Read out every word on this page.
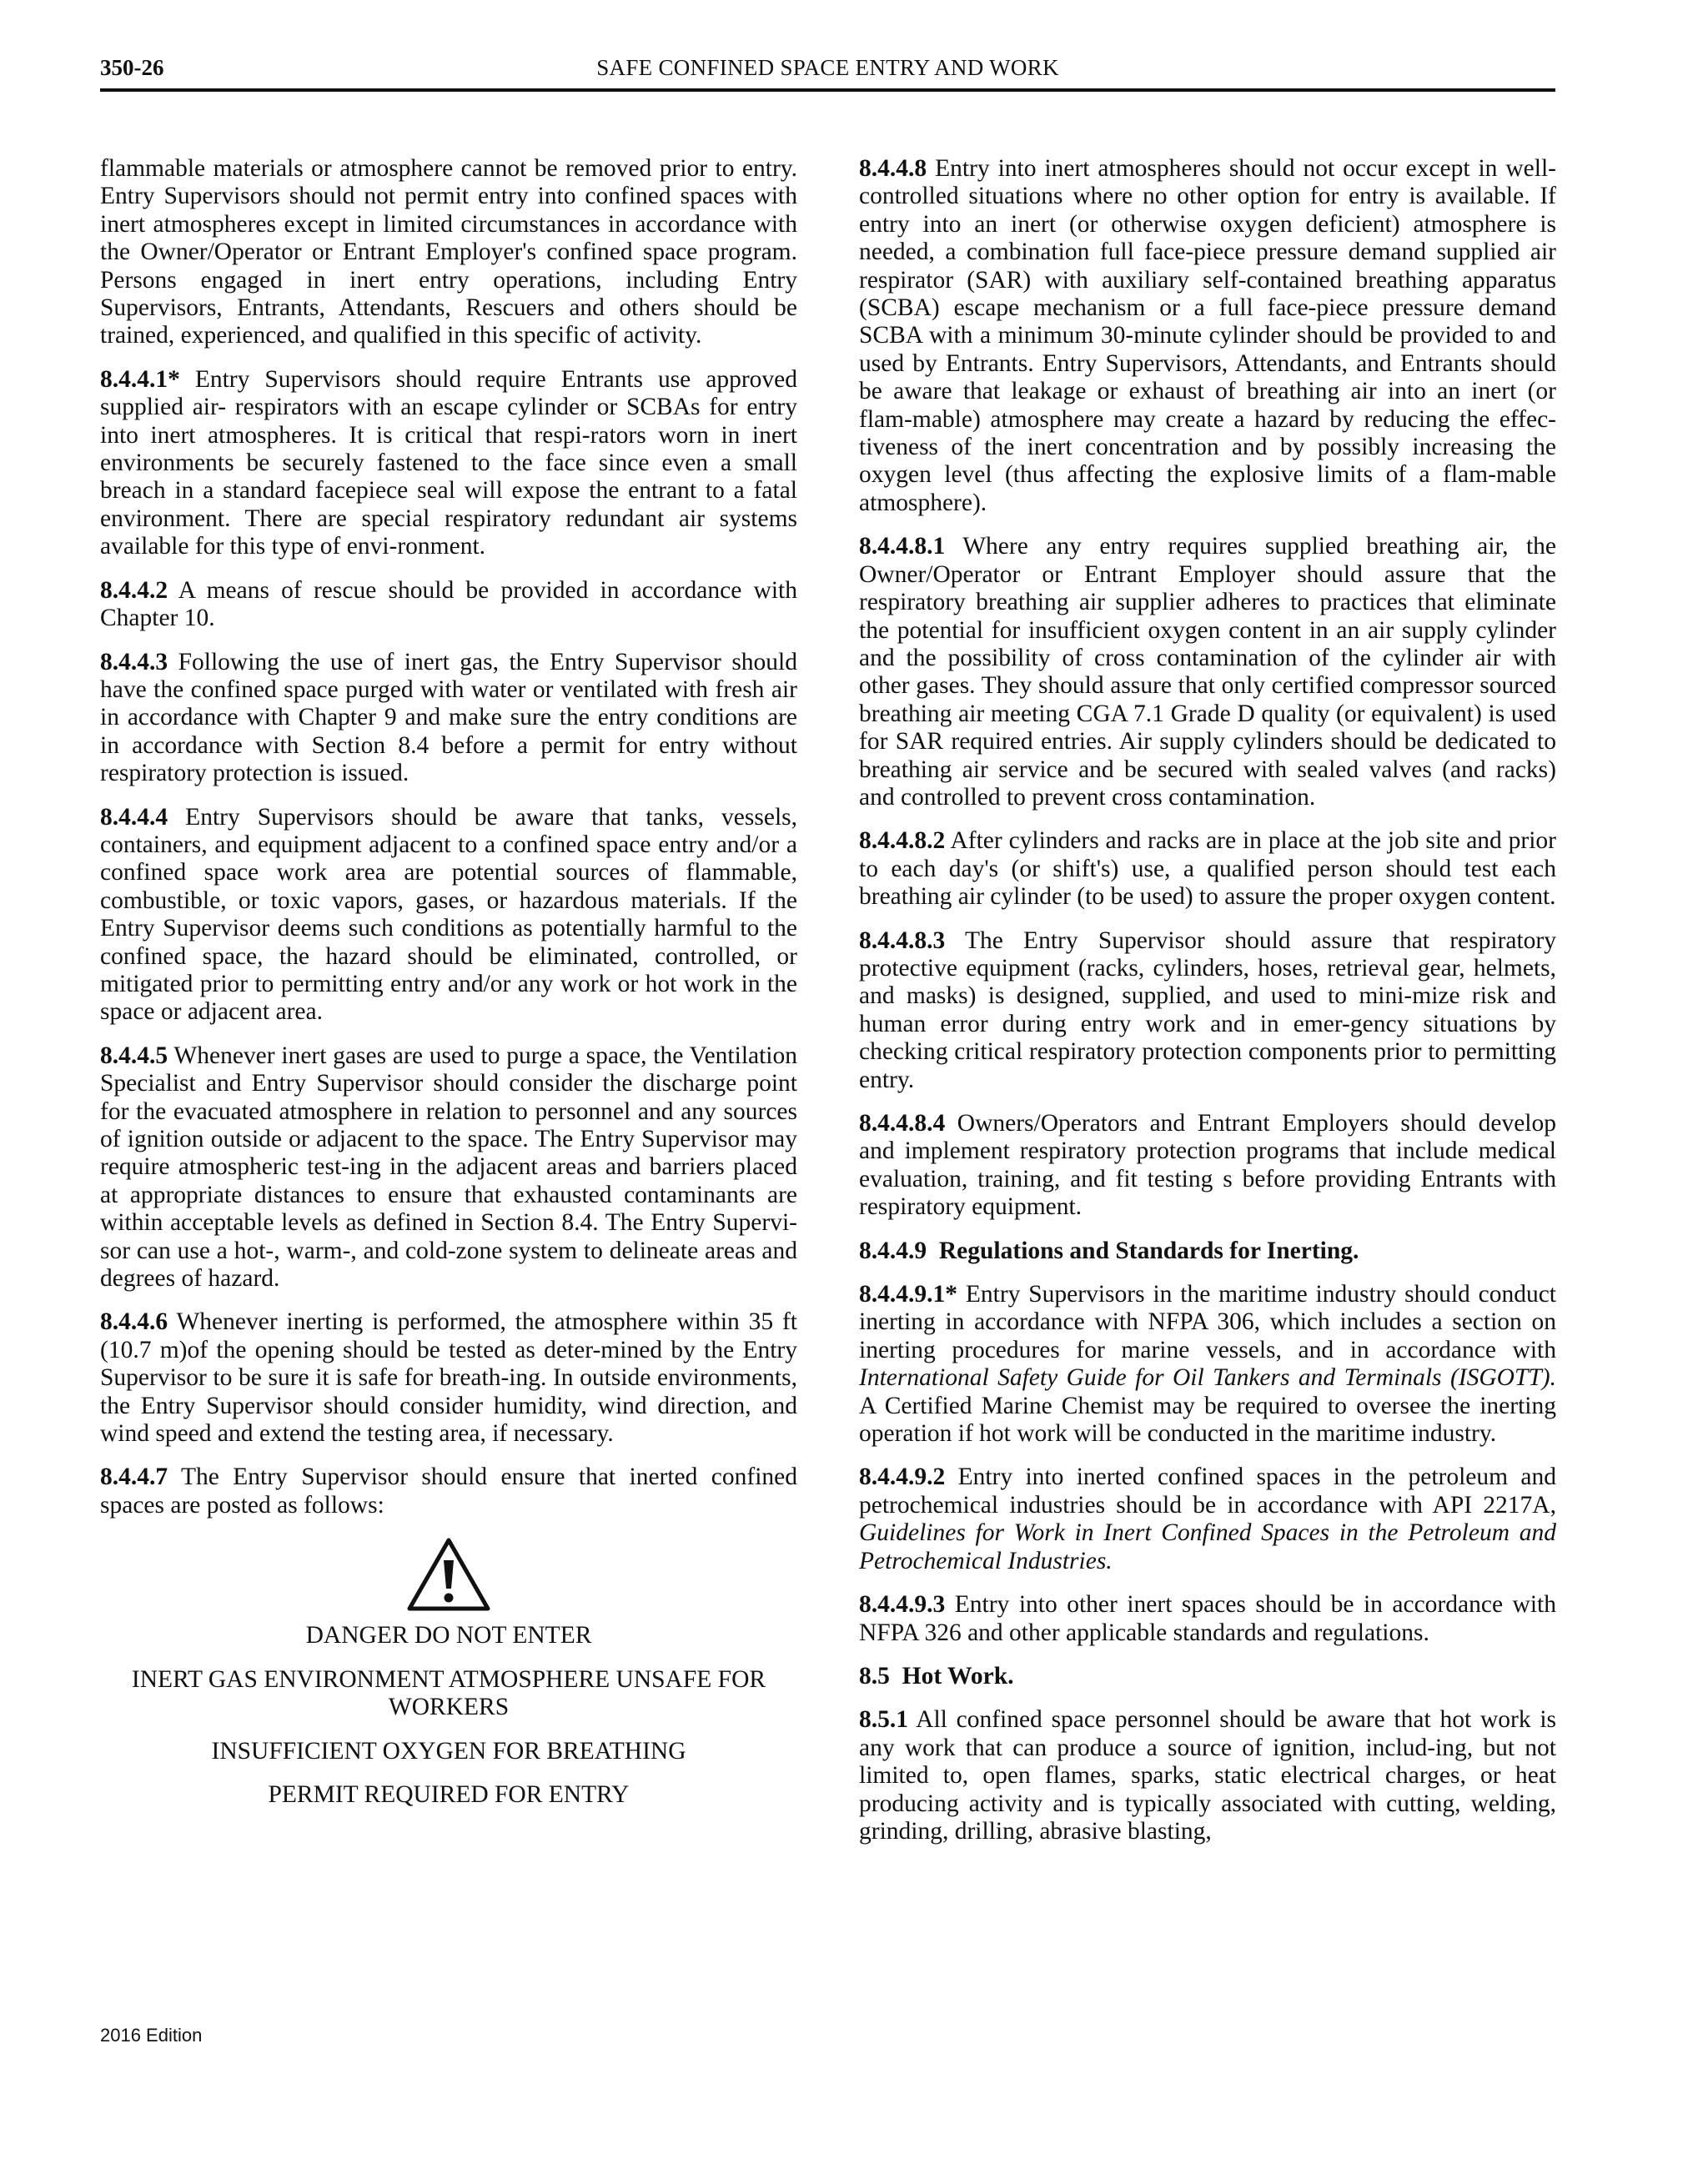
350-26	SAFE CONFINED SPACE ENTRY AND WORK

flammable materials or atmosphere cannot be removed prior to entry. Entry Supervisors should not permit entry into confined spaces with inert atmospheres except in limited circumstances in accordance with the Owner/Operator or Entrant Employer's confined space program. Persons engaged in inert entry operations, including Entry Supervisors, Entrants, Attendants, Rescuers and others should be trained, experienced, and qualified in this specific of activity.

8.4.4.1* Entry Supervisors should require Entrants use approved supplied air- respirators with an escape cylinder or SCBAs for entry into inert atmospheres. It is critical that respi-rators worn in inert environments be securely fastened to the face since even a small breach in a standard facepiece seal will expose the entrant to a fatal environment. There are special respiratory redundant air systems available for this type of envi-ronment.

8.4.4.2 A means of rescue should be provided in accordance with Chapter 10.

8.4.4.3 Following the use of inert gas, the Entry Supervisor should have the confined space purged with water or ventilated with fresh air in accordance with Chapter 9 and make sure the entry conditions are in accordance with Section 8.4 before a permit for entry without respiratory protection is issued.

8.4.4.4 Entry Supervisors should be aware that tanks, vessels, containers, and equipment adjacent to a confined space entry and/or a confined space work area are potential sources of flammable, combustible, or toxic vapors, gases, or hazardous materials. If the Entry Supervisor deems such conditions as potentially harmful to the confined space, the hazard should be eliminated, controlled, or mitigated prior to permitting entry and/or any work or hot work in the space or adjacent area.

8.4.4.5 Whenever inert gases are used to purge a space, the Ventilation Specialist and Entry Supervisor should consider the discharge point for the evacuated atmosphere in relation to personnel and any sources of ignition outside or adjacent to the space. The Entry Supervisor may require atmospheric test-ing in the adjacent areas and barriers placed at appropriate distances to ensure that exhausted contaminants are within acceptable levels as defined in Section 8.4. The Entry Supervi-sor can use a hot-, warm-, and cold-zone system to delineate areas and degrees of hazard.

8.4.4.6 Whenever inerting is performed, the atmosphere within 35 ft (10.7 m)of the opening should be tested as deter-mined by the Entry Supervisor to be sure it is safe for breath-ing. In outside environments, the Entry Supervisor should consider humidity, wind direction, and wind speed and extend the testing area, if necessary.

8.4.4.7 The Entry Supervisor should ensure that inerted confined spaces are posted as follows:

DANGER DO NOT ENTER

INERT GAS ENVIRONMENT ATMOSPHERE UNSAFE FOR WORKERS

INSUFFICIENT OXYGEN FOR BREATHING

PERMIT REQUIRED FOR ENTRY

8.4.4.8 Entry into inert atmospheres should not occur except in well-controlled situations where no other option for entry is available. If entry into an inert (or otherwise oxygen deficient) atmosphere is needed, a combination full face-piece pressure demand supplied air respirator (SAR) with auxiliary self-contained breathing apparatus (SCBA) escape mechanism or a full face-piece pressure demand SCBA with a minimum 30-minute cylinder should be provided to and used by Entrants. Entry Supervisors, Attendants, and Entrants should be aware that leakage or exhaust of breathing air into an inert (or flam-mable) atmosphere may create a hazard by reducing the effec-tiveness of the inert concentration and by possibly increasing the oxygen level (thus affecting the explosive limits of a flam-mable atmosphere).

8.4.4.8.1 Where any entry requires supplied breathing air, the Owner/Operator or Entrant Employer should assure that the respiratory breathing air supplier adheres to practices that eliminate the potential for insufficient oxygen content in an air supply cylinder and the possibility of cross contamination of the cylinder air with other gases. They should assure that only certified compressor sourced breathing air meeting CGA 7.1 Grade D quality (or equivalent) is used for SAR required entries. Air supply cylinders should be dedicated to breathing air service and be secured with sealed valves (and racks) and controlled to prevent cross contamination.

8.4.4.8.2 After cylinders and racks are in place at the job site and prior to each day's (or shift's) use, a qualified person should test each breathing air cylinder (to be used) to assure the proper oxygen content.

8.4.4.8.3 The Entry Supervisor should assure that respiratory protective equipment (racks, cylinders, hoses, retrieval gear, helmets, and masks) is designed, supplied, and used to mini-mize risk and human error during entry work and in emer-gency situations by checking critical respiratory protection components prior to permitting entry.

8.4.4.8.4 Owners/Operators and Entrant Employers should develop and implement respiratory protection programs that include medical evaluation, training, and fit testing s before providing Entrants with respiratory equipment.

8.4.4.9 Regulations and Standards for Inerting.

8.4.4.9.1* Entry Supervisors in the maritime industry should conduct inerting in accordance with NFPA 306, which includes a section on inerting procedures for marine vessels, and in accordance with International Safety Guide for Oil Tankers and Terminals (ISGOTT). A Certified Marine Chemist may be required to oversee the inerting operation if hot work will be conducted in the maritime industry.

8.4.4.9.2 Entry into inerted confined spaces in the petroleum and petrochemical industries should be in accordance with API 2217A, Guidelines for Work in Inert Confined Spaces in the Petroleum and Petrochemical Industries.

8.4.4.9.3 Entry into other inert spaces should be in accordance with NFPA 326 and other applicable standards and regulations.

8.5 Hot Work.

8.5.1 All confined space personnel should be aware that hot work is any work that can produce a source of ignition, includ-ing, but not limited to, open flames, sparks, static electrical charges, or heat producing activity and is typically associated with cutting, welding, grinding, drilling, abrasive blasting,

2016 Edition
